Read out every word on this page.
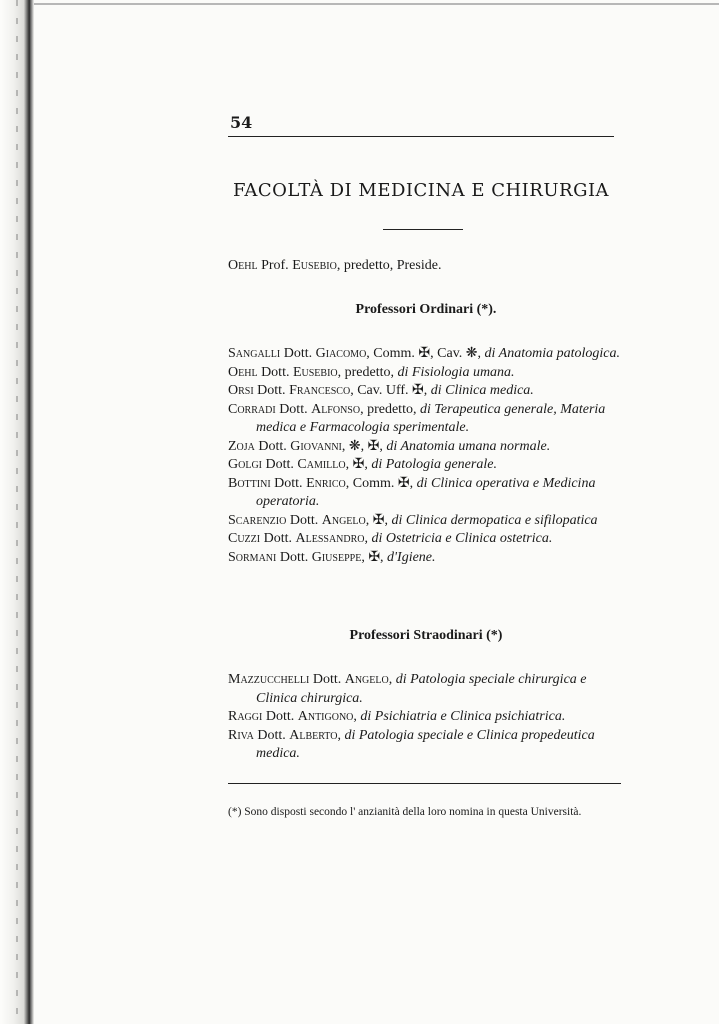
54
FACOLTÀ DI MEDICINA E CHIRURGIA
Oehl Prof. Eusebio, predetto, Preside.
Professori Ordinari (*).

Sangalli Dott. Giacomo, Comm. ✠, Cav. ❋, di Anatomia patologica.

Oehl Dott. Eusebio, predetto, di Fisiologia umana.

Orsi Dott. Francesco, Cav. Uff. ✠, di Clinica medica.

Corradi Dott. Alfonso, predetto, di Terapeutica generale, Materia medica e Farmacologia sperimentale.

Zoja Dott. Giovanni, ❋, ✠, di Anatomia umana normale.

Golgi Dott. Camillo, ✠, di Patologia generale.

Bottini Dott. Enrico, Comm. ✠, di Clinica operativa e Medicina operatoria.

Scarenzio Dott. Angelo, ✠, di Clinica dermopatica e sifilopatica

Cuzzi Dott. Alessandro, di Ostetricia e Clinica ostetrica.

Sormani Dott. Giuseppe, ✠, d'Igiene.

Professori Straodinari (*)

Mazzucchelli Dott. Angelo, di Patologia speciale chirurgica e Clinica chirurgica.

Raggi Dott. Antigono, di Psichiatria e Clinica psichiatrica.

Riva Dott. Alberto, di Patologia speciale e Clinica propedeutica medica.

(*) Sono disposti secondo l' anzianità della loro nomina in questa Università.
